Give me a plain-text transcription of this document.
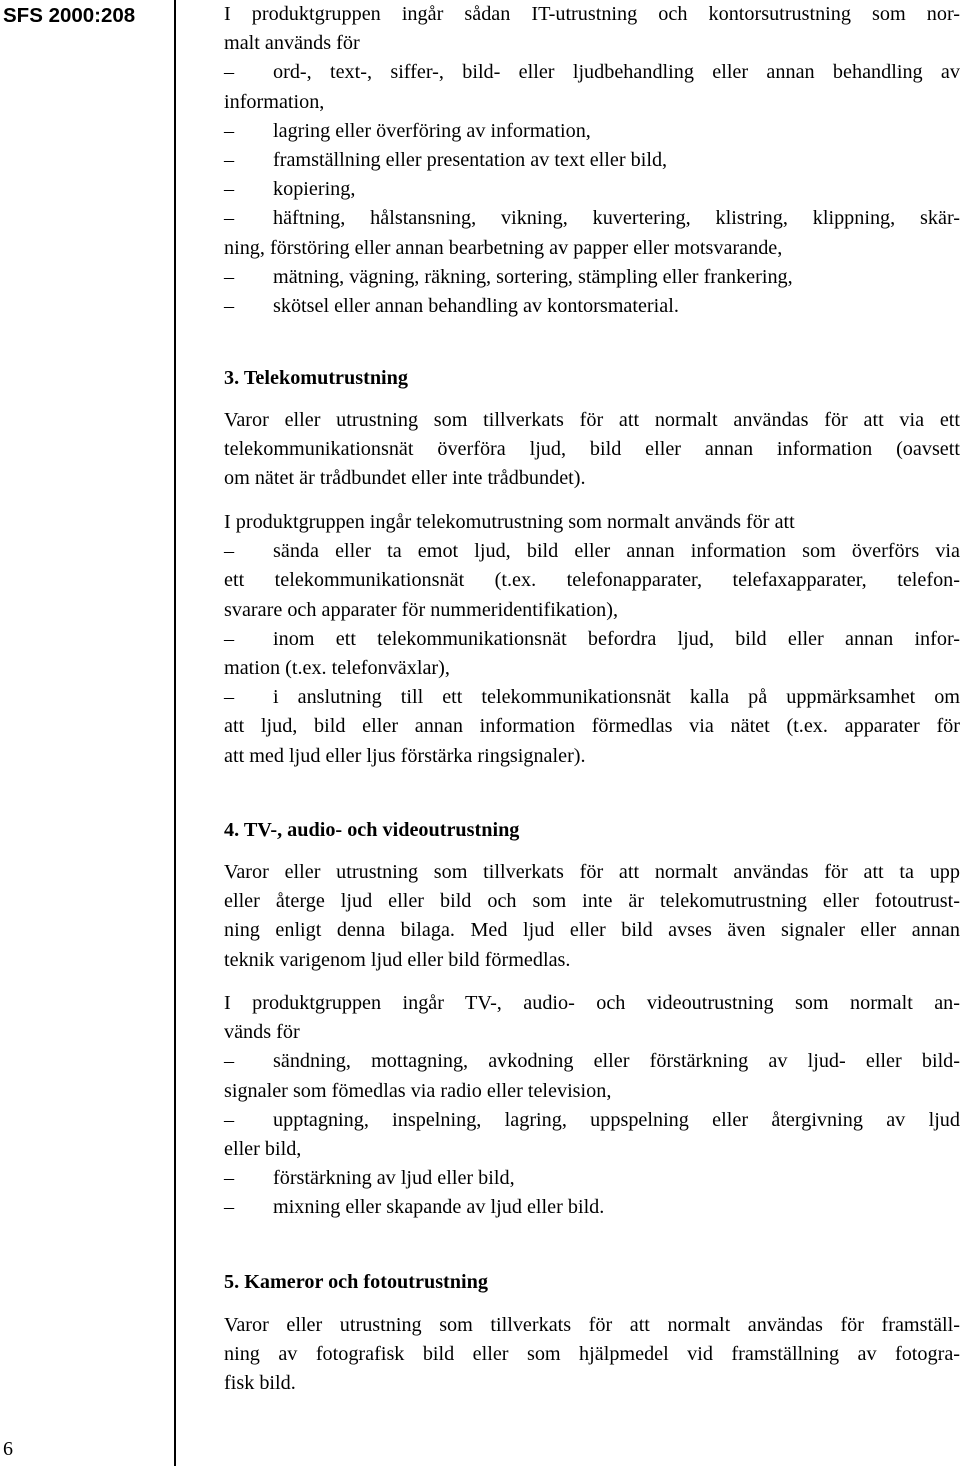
SFS 2000:208
6
I produktgruppen ingår sådan IT-utrustning och kontorsutrustning som nor-
malt används för
– ord-, text-, siffer-, bild- eller ljudbehandling eller annan behandling av
information,
– lagring eller överföring av information,
– framställning eller presentation av text eller bild,
– kopiering,
– häftning, hålstansning, vikning, kuvertering, klistring, klippning, skär-
ning, förstöring eller annan bearbetning av papper eller motsvarande,
– mätning, vägning, räkning, sortering, stämpling eller frankering,
– skötsel eller annan behandling av kontorsmaterial.
3. Telekomutrustning
Varor eller utrustning som tillverkats för att normalt användas för att via ett
telekommunikationsnät överföra ljud, bild eller annan information (oavsett
om nätet är trådbundet eller inte trådbundet).
I produktgruppen ingår telekomutrustning som normalt används för att
– sända eller ta emot ljud, bild eller annan information som överförs via
ett telekommunikationsnät (t.ex. telefonapparater, telefaxapparater, telefon-
svarare och apparater för nummeridentifikation),
– inom ett telekommunikationsnät befordra ljud, bild eller annan infor-
mation (t.ex. telefonväxlar),
– i anslutning till ett telekommunikationsnät kalla på uppmärksamhet om
att ljud, bild eller annan information förmedlas via nätet (t.ex. apparater för
att med ljud eller ljus förstärka ringsignaler).
4. TV-, audio- och videoutrustning
Varor eller utrustning som tillverkats för att normalt användas för att ta upp
eller återge ljud eller bild och som inte är telekomutrustning eller fotoutrust-
ning enligt denna bilaga. Med ljud eller bild avses även signaler eller annan
teknik varigenom ljud eller bild förmedlas.
I produktgruppen ingår TV-, audio- och videoutrustning som normalt an-
vänds för
– sändning, mottagning, avkodning eller förstärkning av ljud- eller bild-
signaler som fömedlas via radio eller television,
– upptagning, inspelning, lagring, uppspelning eller återgivning av ljud
eller bild,
– förstärkning av ljud eller bild,
– mixning eller skapande av ljud eller bild.
5. Kameror och fotoutrustning
Varor eller utrustning som tillverkats för att normalt användas för framställ-
ning av fotografisk bild eller som hjälpmedel vid framställning av fotogra-
fisk bild.
